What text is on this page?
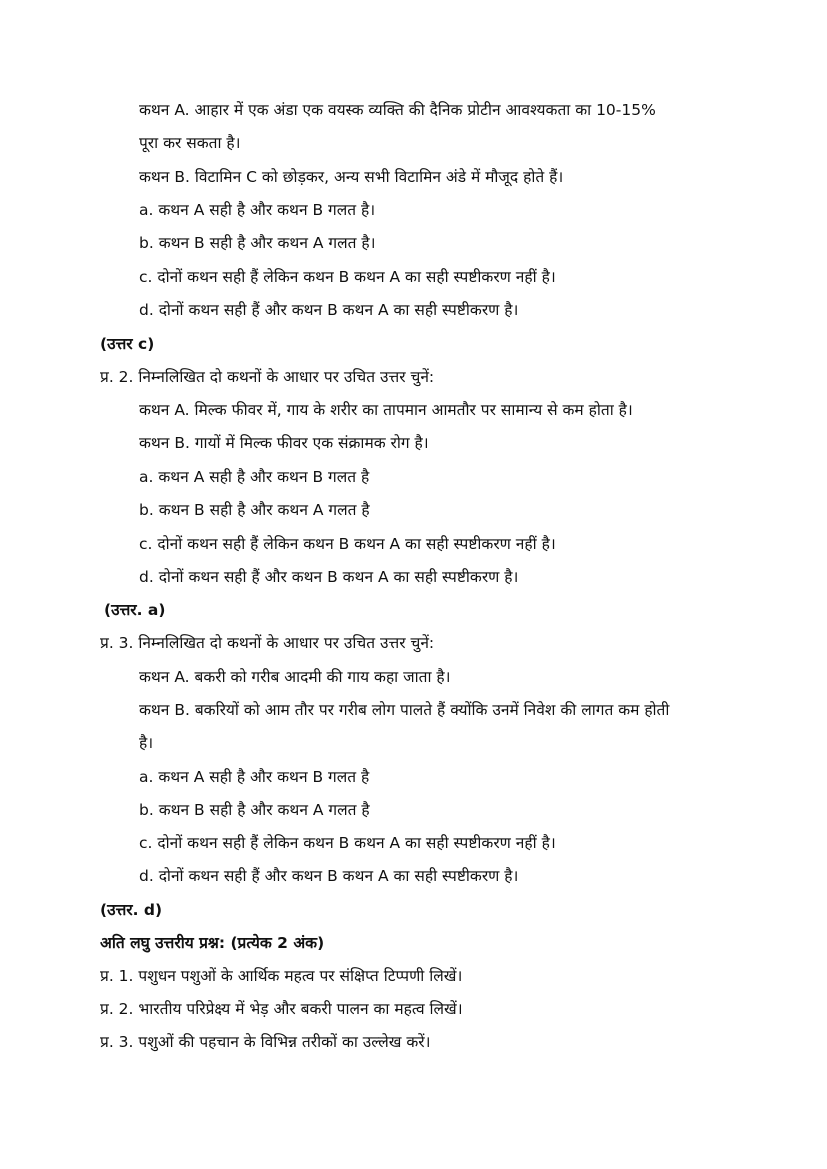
कथन A. आहार में एक अंडा एक वयस्क व्यक्ति की दैनिक प्रोटीन आवश्यकता का 10-15%
पूरा कर सकता है।
कथन B. विटामिन C को छोड़कर, अन्य सभी विटामिन अंडे में मौजूद होते हैं।
a. कथन A सही है और कथन B गलत है।
b. कथन B सही है और कथन A गलत है।
c. दोनों कथन सही हैं लेकिन कथन B कथन A का सही स्पष्टीकरण नहीं है।
d. दोनों कथन सही हैं और कथन B कथन A का सही स्पष्टीकरण है।
(उत्तर c)
प्र. 2. निम्नलिखित दो कथनों के आधार पर उचित उत्तर चुनें:
कथन A. मिल्क फीवर में, गाय के शरीर का तापमान आमतौर पर सामान्य से कम होता है।
कथन B. गायों में मिल्क फीवर एक संक्रामक रोग है।
a. कथन A सही है और कथन B गलत है
b. कथन B सही है और कथन A गलत है
c. दोनों कथन सही हैं लेकिन कथन B कथन A का सही स्पष्टीकरण नहीं है।
d. दोनों कथन सही हैं और कथन B कथन A का सही स्पष्टीकरण है।
(उत्तर. a)
प्र. 3. निम्नलिखित दो कथनों के आधार पर उचित उत्तर चुनें:
कथन A. बकरी को गरीब आदमी की गाय कहा जाता है।
कथन B. बकरियों को आम तौर पर गरीब लोग पालते हैं क्योंकि उनमें निवेश की लागत कम होती
है।
a. कथन A सही है और कथन B गलत है
b. कथन B सही है और कथन A गलत है
c. दोनों कथन सही हैं लेकिन कथन B कथन A का सही स्पष्टीकरण नहीं है।
d. दोनों कथन सही हैं और कथन B कथन A का सही स्पष्टीकरण है।
(उत्तर. d)
अति लघु उत्तरीय प्रश्न: (प्रत्येक 2 अंक)
प्र. 1. पशुधन पशुओं के आर्थिक महत्व पर संक्षिप्त टिप्पणी लिखें।
प्र. 2. भारतीय परिप्रेक्ष्य में भेड़ और बकरी पालन का महत्व लिखें।
प्र. 3. पशुओं की पहचान के विभिन्न तरीकों का उल्लेख करें।
